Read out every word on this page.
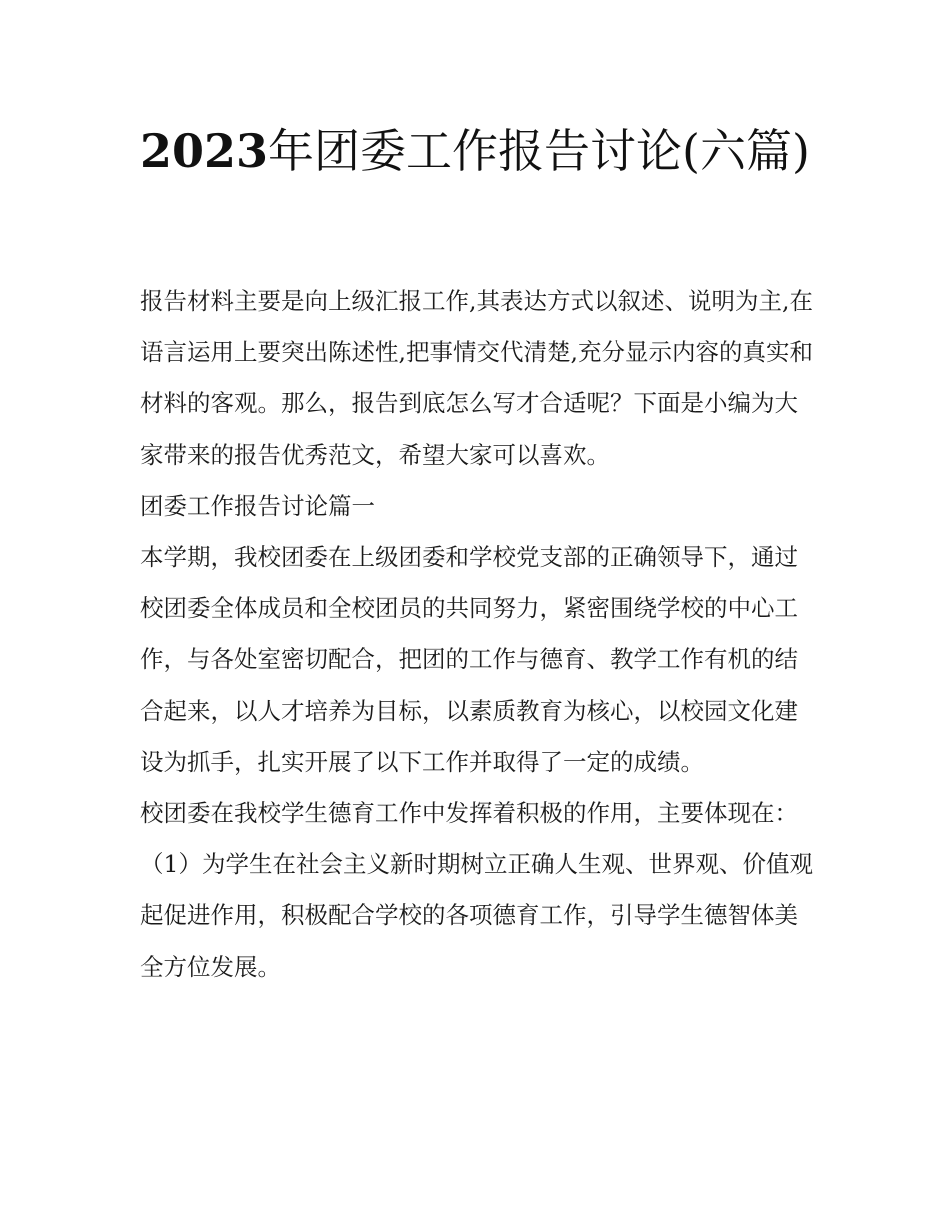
2023年团委工作报告讨论(六篇)

报告材料主要是向上级汇报工作,其表达方式以叙述、说明为主,在语言运用上要突出陈述性,把事情交代清楚,充分显示内容的真实和材料的客观。那么，报告到底怎么写才合适呢？下面是小编为大家带来的报告优秀范文，希望大家可以喜欢。

团委工作报告讨论篇一

本学期，我校团委在上级团委和学校党支部的正确领导下，通过校团委全体成员和全校团员的共同努力，紧密围绕学校的中心工作，与各处室密切配合，把团的工作与德育、教学工作有机的结合起来，以人才培养为目标，以素质教育为核心，以校园文化建设为抓手，扎实开展了以下工作并取得了一定的成绩。

校团委在我校学生德育工作中发挥着积极的作用，主要体现在：

（1）为学生在社会主义新时期树立正确人生观、世界观、价值观起促进作用，积极配合学校的各项德育工作，引导学生德智体美全方位发展。
